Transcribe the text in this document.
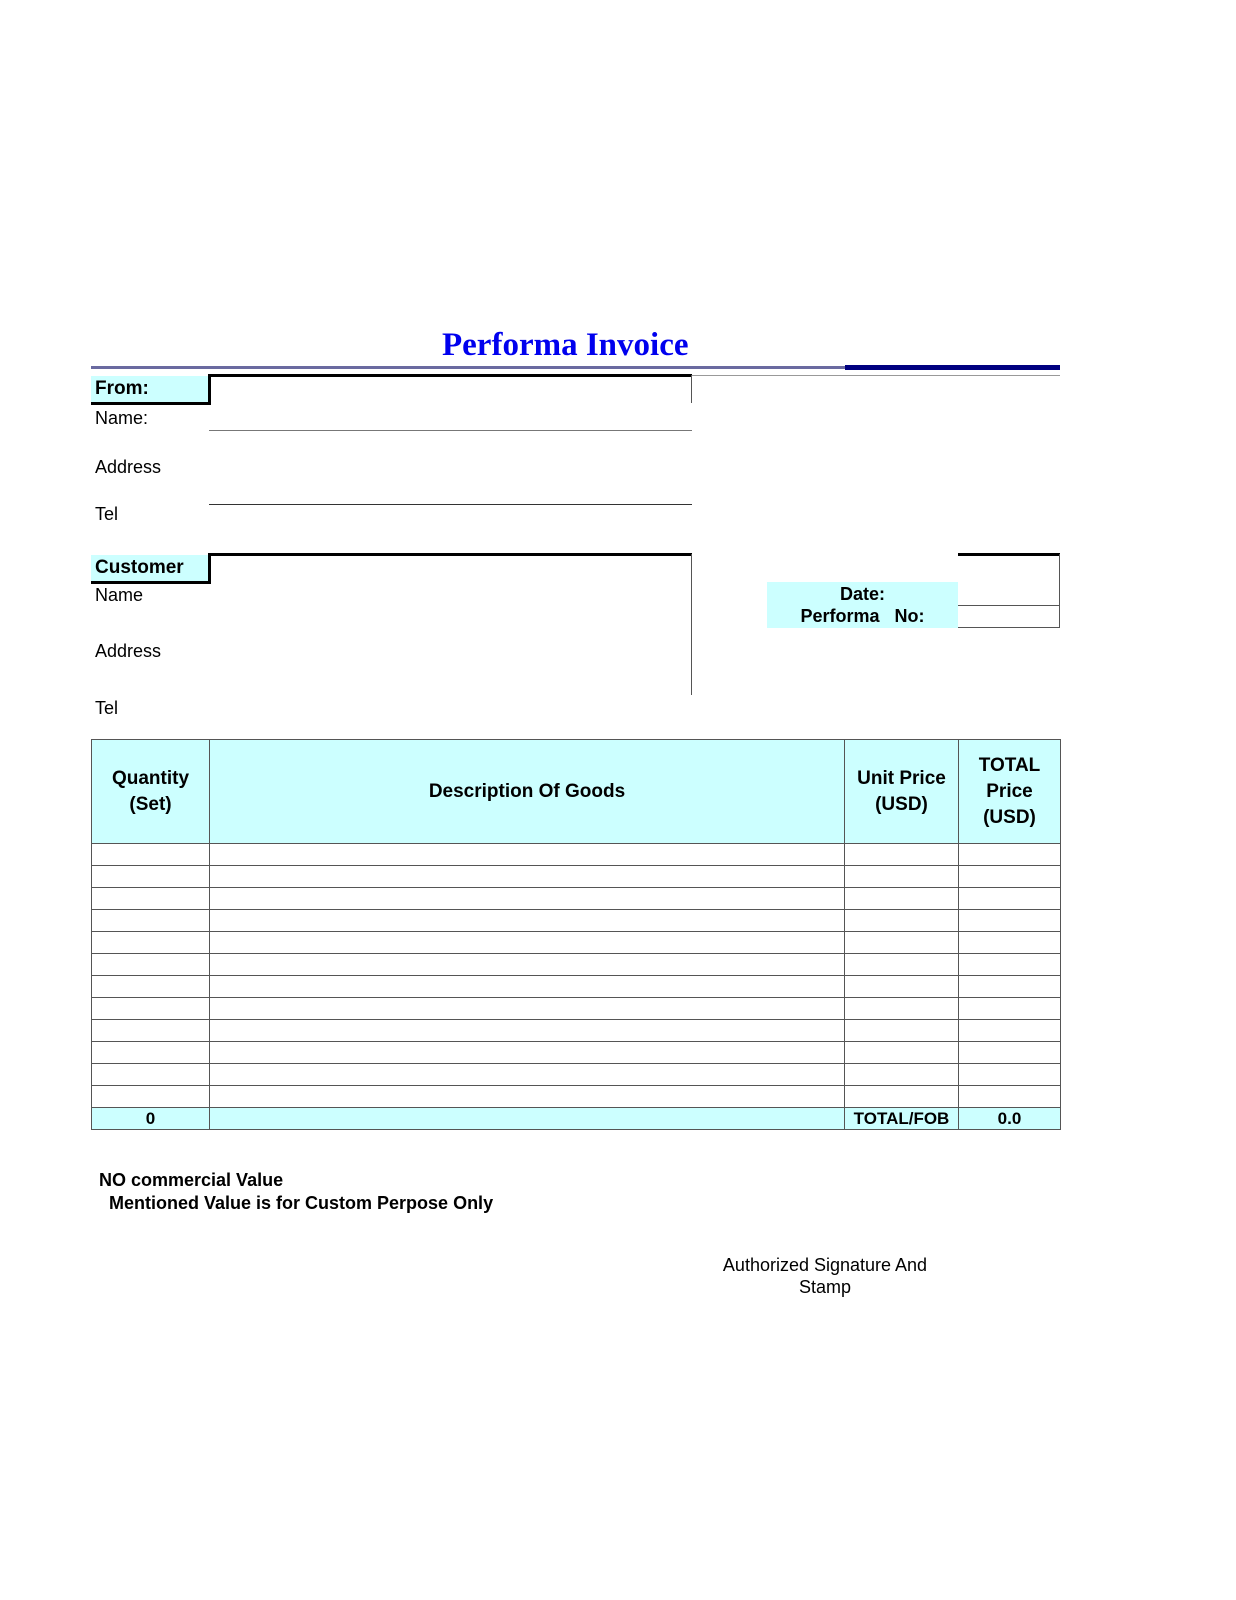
Performa Invoice
From:
Name:
Address
Tel
Customer
Name
Address
Tel
Date:
Performa   No:
Quantity (Set)	Description Of Goods	Unit Price (USD)	TOTAL Price (USD)

0		TOTAL/FOB	0.0
NO commercial Value
Mentioned Value is for Custom Perpose Only
Authorized Signature And
Stamp
